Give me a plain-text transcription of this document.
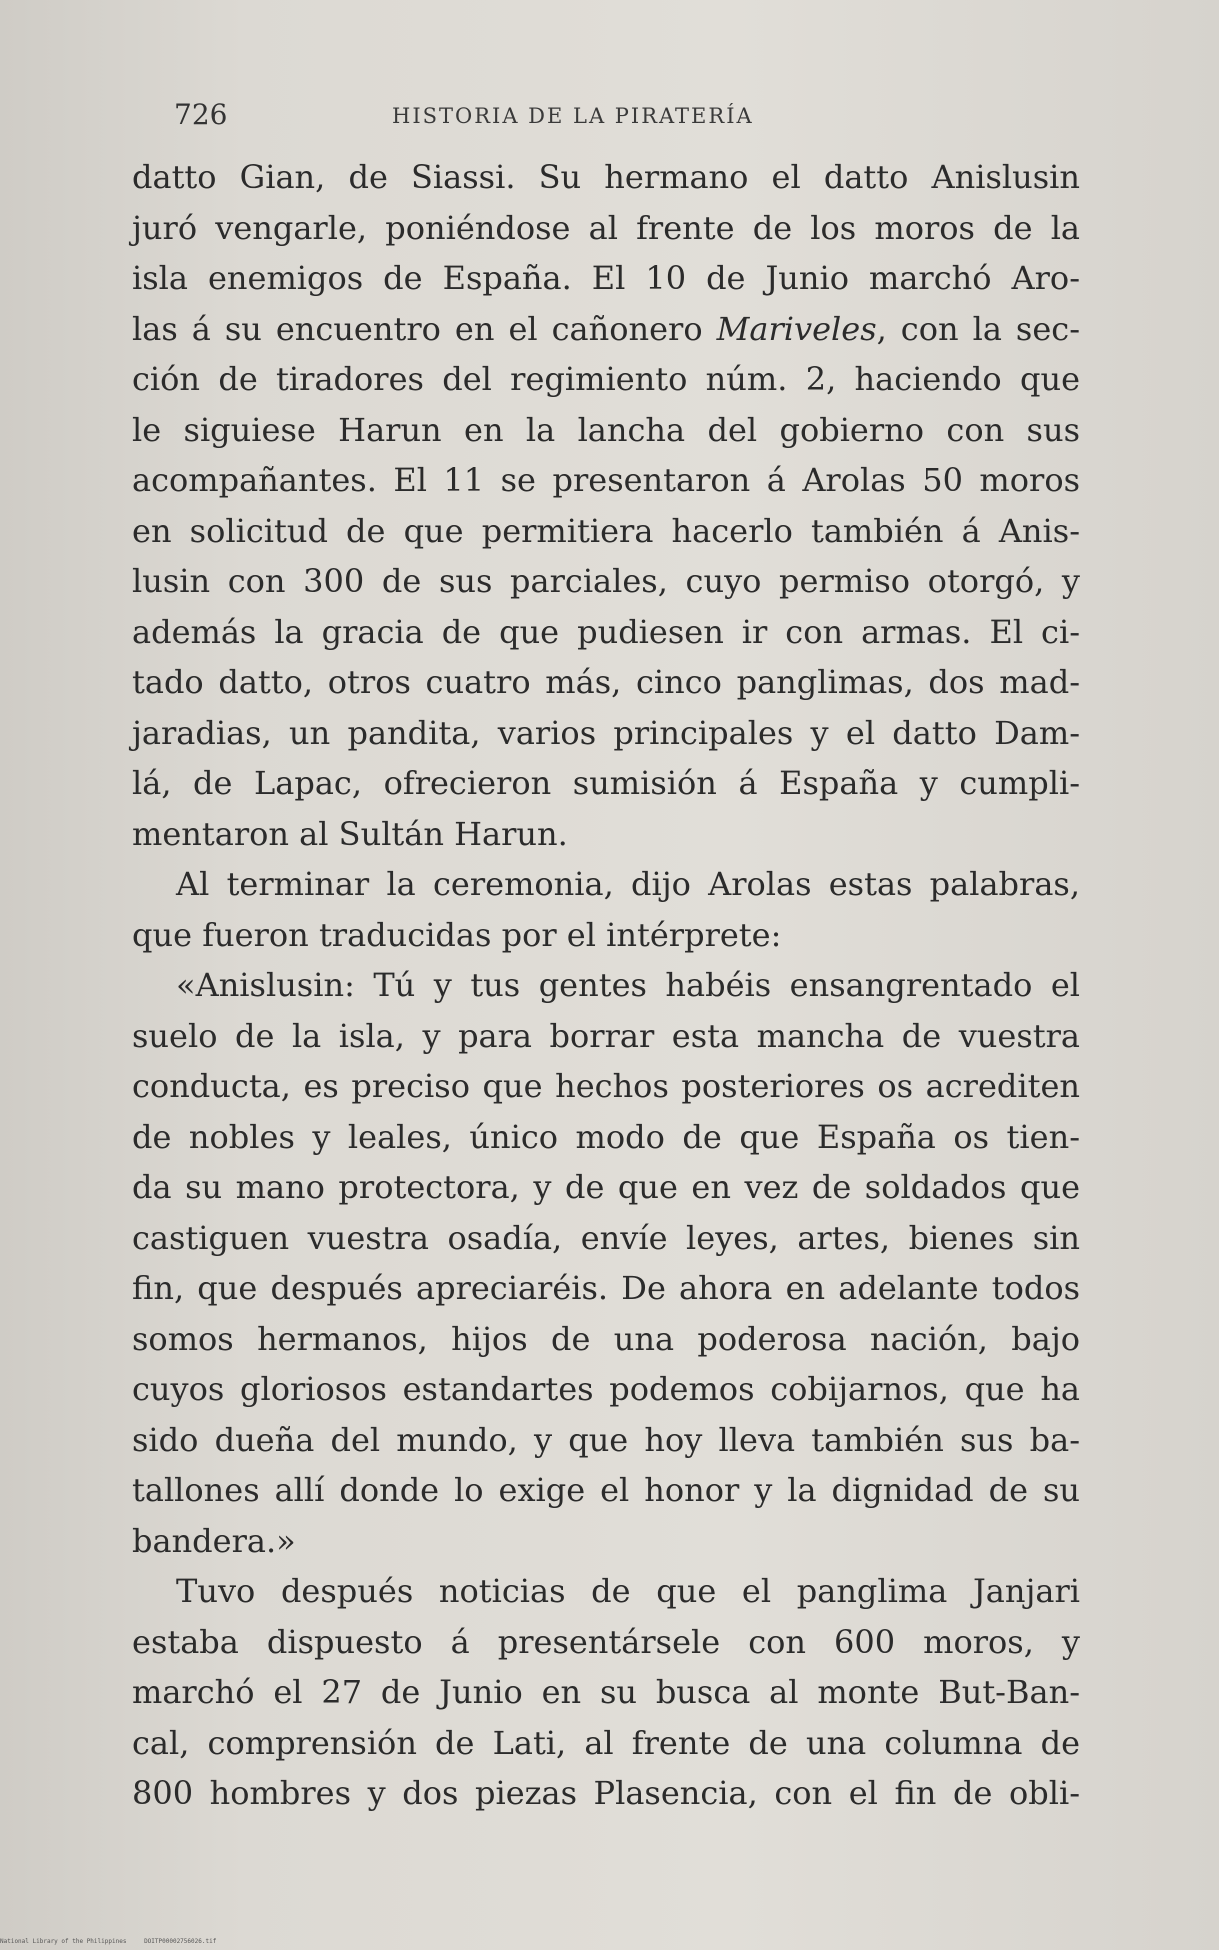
726	HISTORIA DE LA PIRATERÍA
datto Gian, de Siassi. Su hermano el datto Anislusin
juró vengarle, poniéndose al frente de los moros de la
isla enemigos de España. El 10 de Junio marchó Aro-
las á su encuentro en el cañonero Mariveles, con la sec-
ción de tiradores del regimiento núm. 2, haciendo que
le siguiese Harun en la lancha del gobierno con sus
acompañantes. El 11 se presentaron á Arolas 50 moros
en solicitud de que permitiera hacerlo también á Anis-
lusin con 300 de sus parciales, cuyo permiso otorgó, y
además la gracia de que pudiesen ir con armas. El ci-
tado datto, otros cuatro más, cinco panglimas, dos mad-
jaradias, un pandita, varios principales y el datto Dam-
lá, de Lapac, ofrecieron sumisión á España y cumpli-
mentaron al Sultán Harun.
Al terminar la ceremonia, dijo Arolas estas palabras,
que fueron traducidas por el intérprete:
«Anislusin: Tú y tus gentes habéis ensangrentado el
suelo de la isla, y para borrar esta mancha de vuestra
conducta, es preciso que hechos posteriores os acrediten
de nobles y leales, único modo de que España os tien-
da su mano protectora, y de que en vez de soldados que
castiguen vuestra osadía, envíe leyes, artes, bienes sin
fin, que después apreciaréis. De ahora en adelante todos
somos hermanos, hijos de una poderosa nación, bajo
cuyos gloriosos estandartes podemos cobijarnos, que ha
sido dueña del mundo, y que hoy lleva también sus ba-
tallones allí donde lo exige el honor y la dignidad de su
bandera.»
Tuvo después noticias de que el panglima Janjari
estaba dispuesto á presentársele con 600 moros, y
marchó el 27 de Junio en su busca al monte But-Ban-
cal, comprensión de Lati, al frente de una columna de
800 hombres y dos piezas Plasencia, con el fin de obli-
National Library of the Philippines	DOITP00002756026.tif
